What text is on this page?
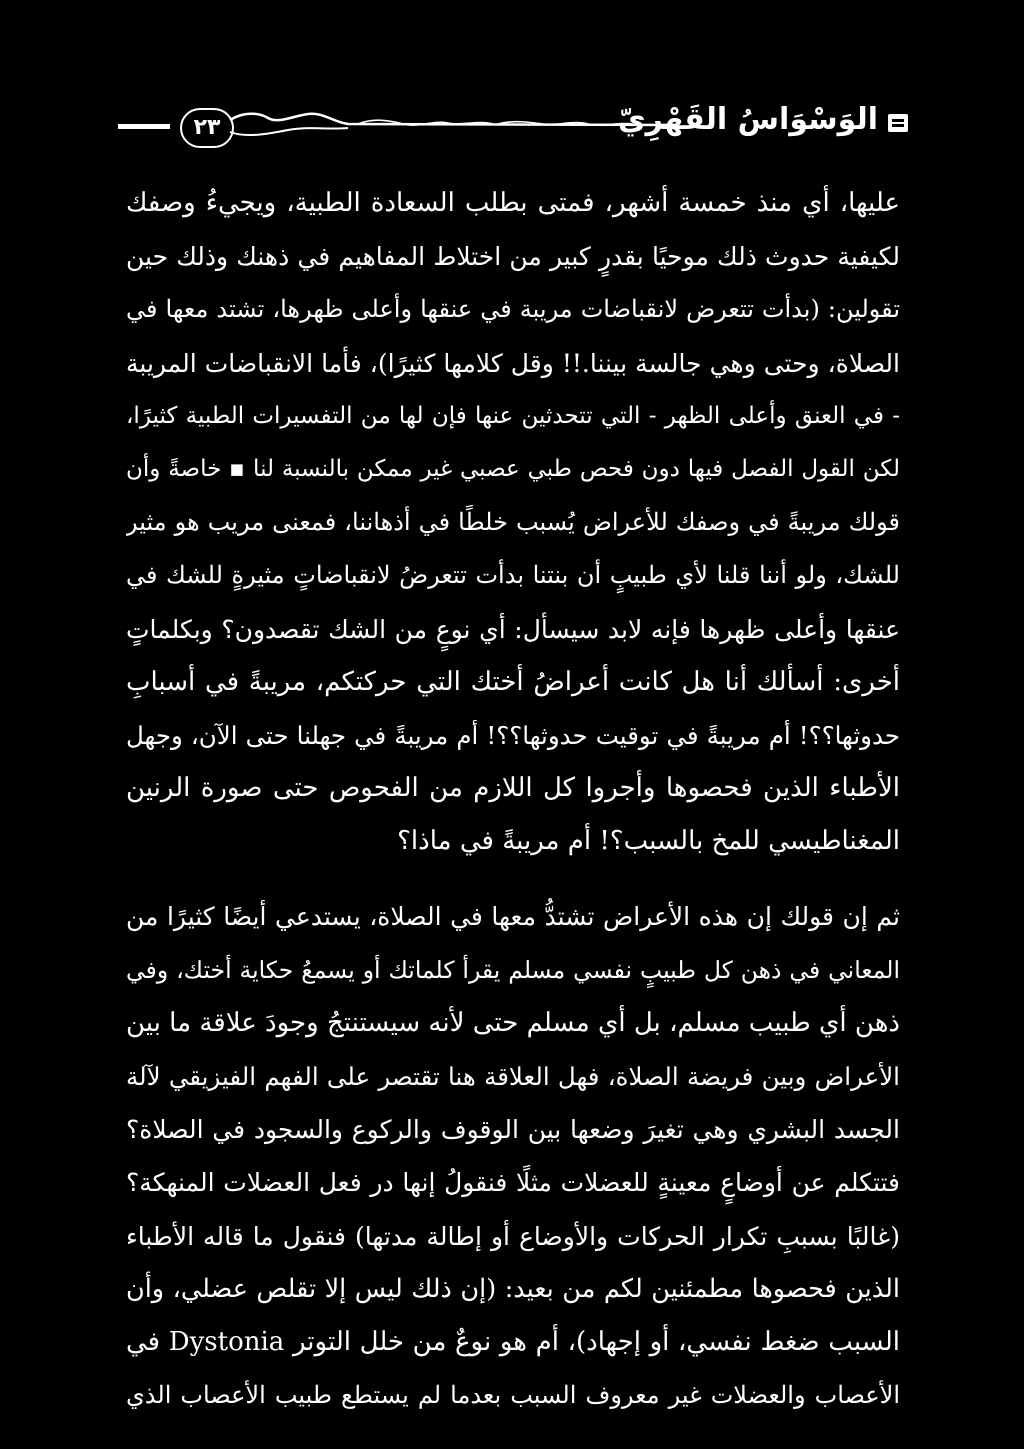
٢٣	الوَسْوَاسُ القَهْرِيّ
عليها، أي منذ خمسة أشهر، فمتى بطلب السعادة الطبية، ويجيءُ وصفك
لكيفية حدوث ذلك موحيًا بقدرٍ كبير من اختلاط المفاهيم في ذهنك وذلك حين
تقولين: (بدأت تتعرض لانقباضات مريبة في عنقها وأعلى ظهرها، تشتد معها في
الصلاة، وحتى وهي جالسة بيننا.!! وقل كلامها كثيرًا)، فأما الانقباضات المريبة
- في العنق وأعلى الظهر - التي تتحدثين عنها فإن لها من التفسيرات الطبية كثيرًا،
لكن القول الفصل فيها دون فحص طبي عصبي غير ممكن بالنسبة لنا ▪ خاصةً وأن
قولك مريبةً في وصفك للأعراض يُسبب خلطًا في أذهاننا، فمعنى مريب هو مثير
للشك، ولو أننا قلنا لأي طبيبٍ أن بنتنا بدأت تتعرضُ لانقباضاتٍ مثيرةٍ للشك في
عنقها وأعلى ظهرها فإنه لابد سيسأل: أي نوعٍ من الشك تقصدون؟ وبكلماتٍ
أخرى: أسألك أنا هل كانت أعراضُ أختك التي حركتكم، مريبةً في أسبابِ
حدوثها؟؟! أم مريبةً في توقيت حدوثها؟؟! أم مريبةً في جهلنا حتى الآن، وجهل
الأطباء الذين فحصوها وأجروا كل اللازم من الفحوص حتى صورة الرنين
المغناطيسي للمخ بالسبب؟! أم مريبةً في ماذا؟
ثم إن قولك إن هذه الأعراض تشتدُّ معها في الصلاة، يستدعي أيضًا كثيرًا من
المعاني في ذهن كل طبيبٍ نفسي مسلم يقرأ كلماتك أو يسمعُ حكاية أختك، وفي
ذهن أي طبيب مسلم، بل أي مسلم حتى لأنه سيستنتجُ وجودَ علاقة ما بين
الأعراض وبين فريضة الصلاة، فهل العلاقة هنا تقتصر على الفهم الفيزيقي لآلة
الجسد البشري وهي تغيرَ وضعها بين الوقوف والركوع والسجود في الصلاة؟
فتتكلم عن أوضاعٍ معينةٍ للعضلات مثلًا فنقولُ إنها در فعل العضلات المنهكة؟
(غالبًا بسببِ تكرار الحركات والأوضاع أو إطالة مدتها) فنقول ما قاله الأطباء
الذين فحصوها مطمئنين لكم من بعيد: (إن ذلك ليس إلا تقلص عضلي، وأن
السبب ضغط نفسي، أو إجهاد)، أم هو نوعٌ من خلل التوتر Dystonia في
الأعصاب والعضلات غير معروف السبب بعدما لم يستطع طبيب الأعصاب الذي
